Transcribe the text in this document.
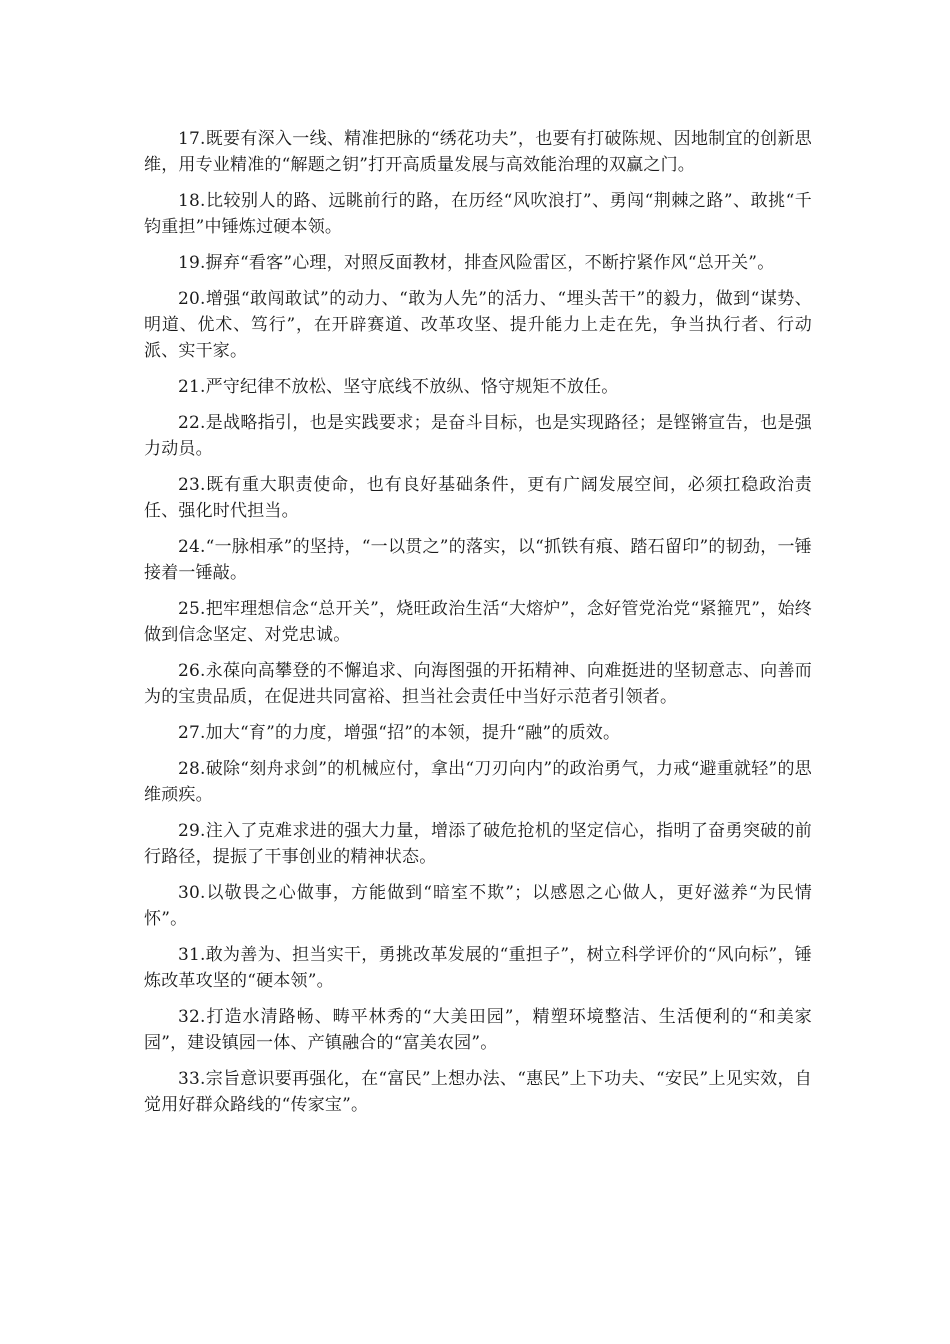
17.既要有深入一线、精准把脉的“绣花功夫”，也要有打破陈规、因地制宜的创新思维，用专业精准的“解题之钥”打开高质量发展与高效能治理的双赢之门。

18.比较别人的路、远眺前行的路，在历经“风吹浪打”、勇闯“荆棘之路”、敢挑“千钧重担”中锤炼过硬本领。

19.摒弃“看客”心理，对照反面教材，排查风险雷区，不断拧紧作风“总开关”。

20.增强“敢闯敢试”的动力、“敢为人先”的活力、“埋头苦干”的毅力，做到“谋势、明道、优术、笃行”，在开辟赛道、改革攻坚、提升能力上走在先，争当执行者、行动派、实干家。

21.严守纪律不放松、坚守底线不放纵、恪守规矩不放任。

22.是战略指引，也是实践要求；是奋斗目标，也是实现路径；是铿锵宣告，也是强力动员。

23.既有重大职责使命，也有良好基础条件，更有广阔发展空间，必须扛稳政治责任、强化时代担当。

24.“一脉相承”的坚持，“一以贯之”的落实，以“抓铁有痕、踏石留印”的韧劲，一锤接着一锤敲。

25.把牢理想信念“总开关”，烧旺政治生活“大熔炉”，念好管党治党“紧箍咒”，始终做到信念坚定、对党忠诚。

26.永葆向高攀登的不懈追求、向海图强的开拓精神、向难挺进的坚韧意志、向善而为的宝贵品质，在促进共同富裕、担当社会责任中当好示范者引领者。

27.加大“育”的力度，增强“招”的本领，提升“融”的质效。

28.破除“刻舟求剑”的机械应付，拿出“刀刃向内”的政治勇气，力戒“避重就轻”的思维顽疾。

29.注入了克难求进的强大力量，增添了破危抢机的坚定信心，指明了奋勇突破的前行路径，提振了干事创业的精神状态。

30.以敬畏之心做事，方能做到“暗室不欺”；以感恩之心做人，更好滋养“为民情怀”。

31.敢为善为、担当实干，勇挑改革发展的“重担子”，树立科学评价的“风向标”，锤炼改革攻坚的“硬本领”。

32.打造水清路畅、畴平林秀的“大美田园”，精塑环境整洁、生活便利的“和美家园”，建设镇园一体、产镇融合的“富美农园”。

33.宗旨意识要再强化，在“富民”上想办法、“惠民”上下功夫、“安民”上见实效，自觉用好群众路线的“传家宝”。
